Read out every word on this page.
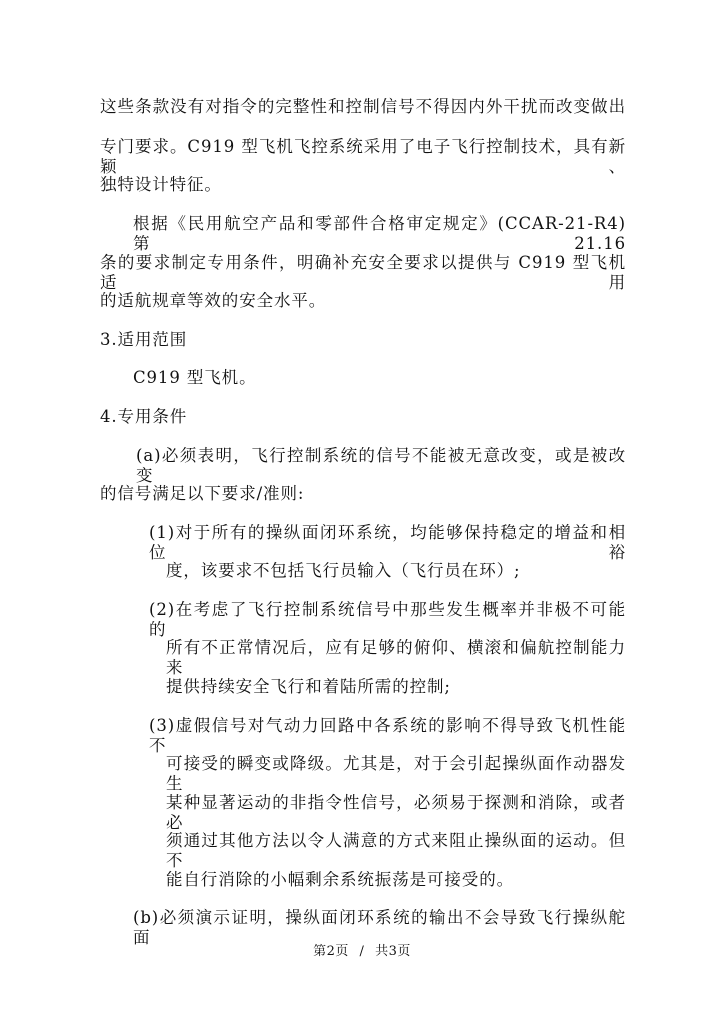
这些条款没有对指令的完整性和控制信号不得因内外干扰而改变做出
专门要求。C919 型飞机飞控系统采用了电子飞行控制技术，具有新颖、
独特设计特征。
根据《民用航空产品和零部件合格审定规定》(CCAR-21-R4)第 21.16
条的要求制定专用条件，明确补充安全要求以提供与 C919 型飞机适用
的适航规章等效的安全水平。
3.适用范围
C919 型飞机。
4.专用条件
(a)必须表明，飞行控制系统的信号不能被无意改变，或是被改变
的信号满足以下要求/准则:
(1)对于所有的操纵面闭环系统，均能够保持稳定的增益和相位裕
度，该要求不包括飞行员输入（飞行员在环）;
(2)在考虑了飞行控制系统信号中那些发生概率并非极不可能的
所有不正常情况后，应有足够的俯仰、横滚和偏航控制能力来
提供持续安全飞行和着陆所需的控制;
(3)虚假信号对气动力回路中各系统的影响不得导致飞机性能不
可接受的瞬变或降级。尤其是，对于会引起操纵面作动器发生
某种显著运动的非指令性信号，必须易于探测和消除，或者必
须通过其他方法以令人满意的方式来阻止操纵面的运动。但不
能自行消除的小幅剩余系统振荡是可接受的。
(b)必须演示证明，操纵面闭环系统的输出不会导致飞行操纵舵面
第2页 / 共3页
